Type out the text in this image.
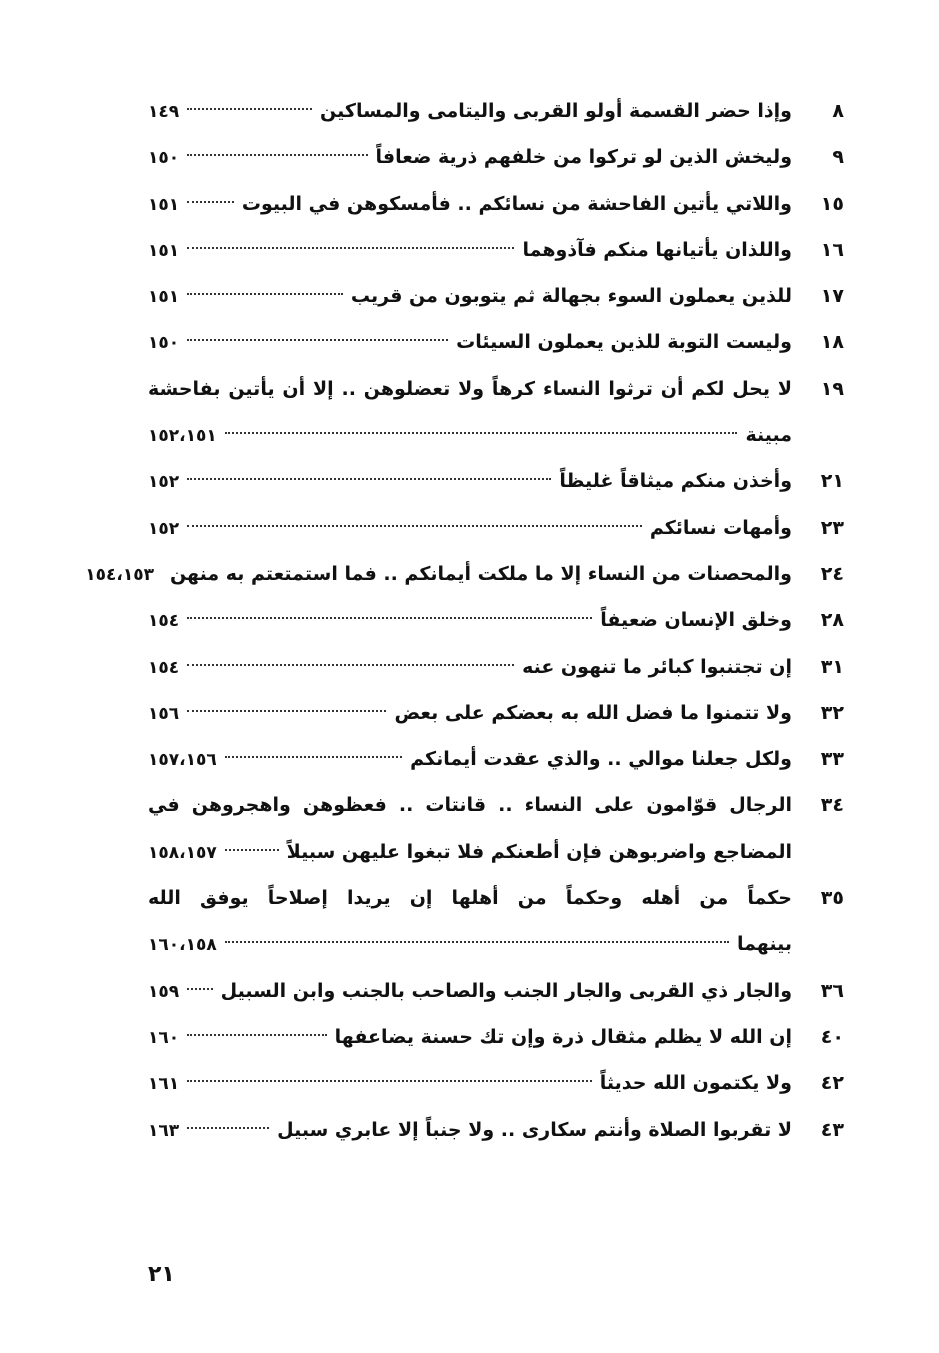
٨
وإذا حضر القسمة أولو القربى واليتامى والمساكين
١٤٩
٩
وليخش الذين لو تركوا من خلفهم ذرية ضعافاً
١٥٠
١٥
واللاتي يأتين الفاحشة من نسائكم .. فأمسكوهن في البيوت
١٥١
١٦
واللذان يأتيانها منكم فآذوهما
١٥١
١٧
للذين يعملون السوء بجهالة ثم يتوبون من قريب
١٥١
١٨
وليست التوبة للذين يعملون السيئات
١٥٠
١٩
لا يحل لكم أن ترثوا النساء كرهاً ولا تعضلوهن .. إلا أن يأتين بفاحشة
مبينة
١٥٢،١٥١
٢١
وأخذن منكم ميثاقاً غليظاً
١٥٢
٢٣
وأمهات نسائكم
١٥٢
٢٤
والمحصنات من النساء إلا ما ملكت أيمانكم .. فما استمتعتم به منهن
١٥٤،١٥٣
٢٨
وخلق الإنسان ضعيفاً
١٥٤
٣١
إن تجتنبوا كبائر ما تنهون عنه
١٥٤
٣٢
ولا تتمنوا ما فضل الله به بعضكم على بعض
١٥٦
٣٣
ولكل جعلنا موالي .. والذي عقدت أيمانكم
١٥٧،١٥٦
٣٤
الرجال قوّامون على النساء .. قانتات .. فعظوهن واهجروهن في
المضاجع واضربوهن فإن أطعنكم فلا تبغوا عليهن سبيلاً
١٥٨،١٥٧
٣٥
حكماً من أهله وحكماً من أهلها إن يريدا إصلاحاً يوفق الله
بينهما
١٦٠،١٥٨
٣٦
والجار ذي القربى والجار الجنب والصاحب بالجنب وابن السبيل
١٥٩
٤٠
إن الله لا يظلم مثقال ذرة وإن تك حسنة يضاعفها
١٦٠
٤٢
ولا يكتمون الله حديثاً
١٦١
٤٣
لا تقربوا الصلاة وأنتم سكارى .. ولا جنباً إلا عابري سبيل
١٦٣
٢١
